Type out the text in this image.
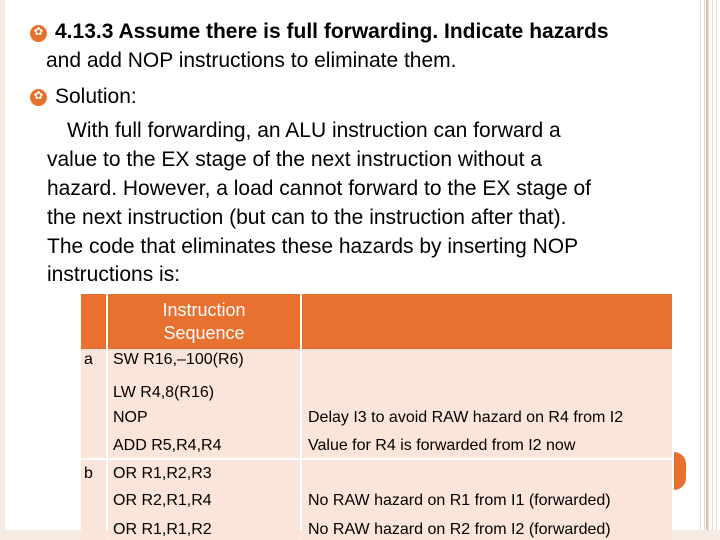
✿ 4.13.3 Assume there is full forwarding. Indicate hazards
and add NOP instructions to eliminate them.
✿ Solution:
With full forwarding, an ALU instruction can forward a
value to the EX stage of the next instruction without a
hazard. However, a load cannot forward to the EX stage of
the next instruction (but can to the instruction after that).
The code that eliminates these hazards by inserting NOP
instructions is:
Instruction
Sequence
a SW R16,–100(R6)
LW R4,8(R16)
NOP	Delay I3 to avoid RAW hazard on R4 from I2
ADD R5,R4,R4	Value for R4 is forwarded from I2 now
b OR R1,R2,R3
OR R2,R1,R4	No RAW hazard on R1 from I1 (forwarded)
OR R1,R1,R2	No RAW hazard on R2 from I2 (forwarded)
